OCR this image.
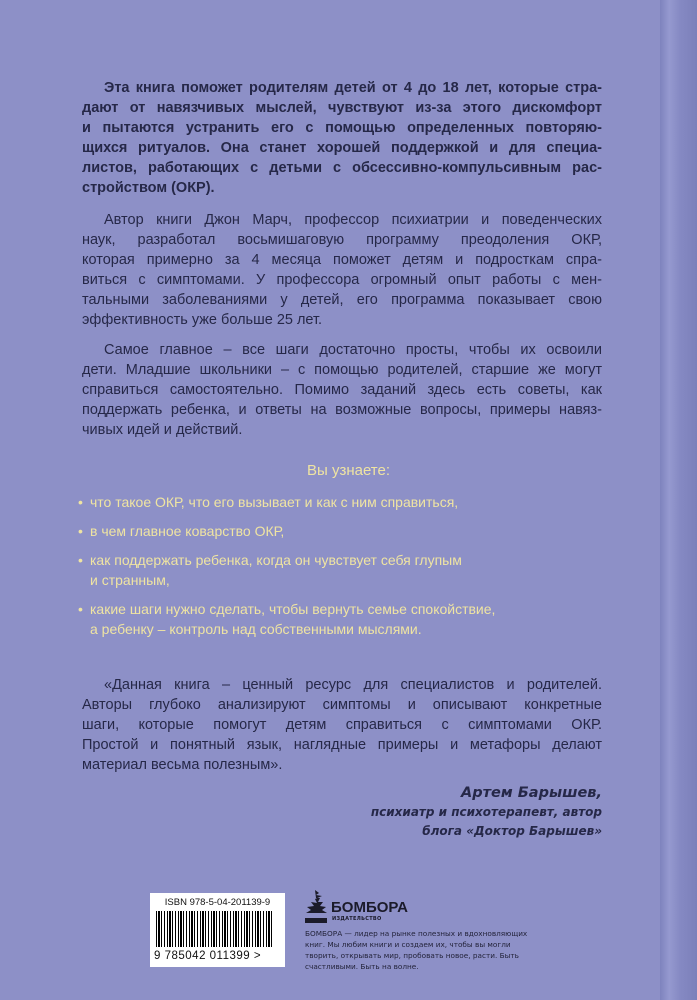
Эта книга поможет родителям детей от 4 до 18 лет, которые стра-
дают от навязчивых мыслей, чувствуют из-за этого дискомфорт
и пытаются устранить его с помощью определенных повторяю-
щихся ритуалов. Она станет хорошей поддержкой и для специа-
листов, работающих с детьми с обсессивно-компульсивным рас-
стройством (ОКР).
Автор книги Джон Марч, профессор психиатрии и поведенческих
наук, разработал восьмишаговую программу преодоления ОКР,
которая примерно за 4 месяца поможет детям и подросткам спра-
виться с симптомами. У профессора огромный опыт работы с мен-
тальными заболеваниями у детей, его программа показывает свою
эффективность уже больше 25 лет.
Самое главное – все шаги достаточно просты, чтобы их освоили
дети. Младшие школьники – с помощью родителей, старшие же могут
справиться самостоятельно. Помимо заданий здесь есть советы, как
поддержать ребенка, и ответы на возможные вопросы, примеры навяз-
чивых идей и действий.
Вы узнаете:
• что такое ОКР, что его вызывает и как с ним справиться,
• в чем главное коварство ОКР,
• как поддержать ребенка, когда он чувствует себя глупым
и странным,
• какие шаги нужно сделать, чтобы вернуть семье спокойствие,
а ребенку – контроль над собственными мыслями.
«Данная книга – ценный ресурс для специалистов и родителей.
Авторы глубоко анализируют симптомы и описывают конкретные
шаги, которые помогут детям справиться с симптомами ОКР.
Простой и понятный язык, наглядные примеры и метафоры делают
материал весьма полезным».
Артем Барышев,
психиатр и психотерапевт, автор
блога «Доктор Барышев»
ISBN 978-5-04-201139-9
9 785042 011399 >
БОМБОРА
ИЗДАТЕЛЬСТВО
БОМБОРА — лидер на рынке полезных и вдохновляющих книг. Мы любим книги и создаем их, чтобы вы могли творить, открывать мир, пробовать новое, расти. Быть счастливыми. Быть на волне.
